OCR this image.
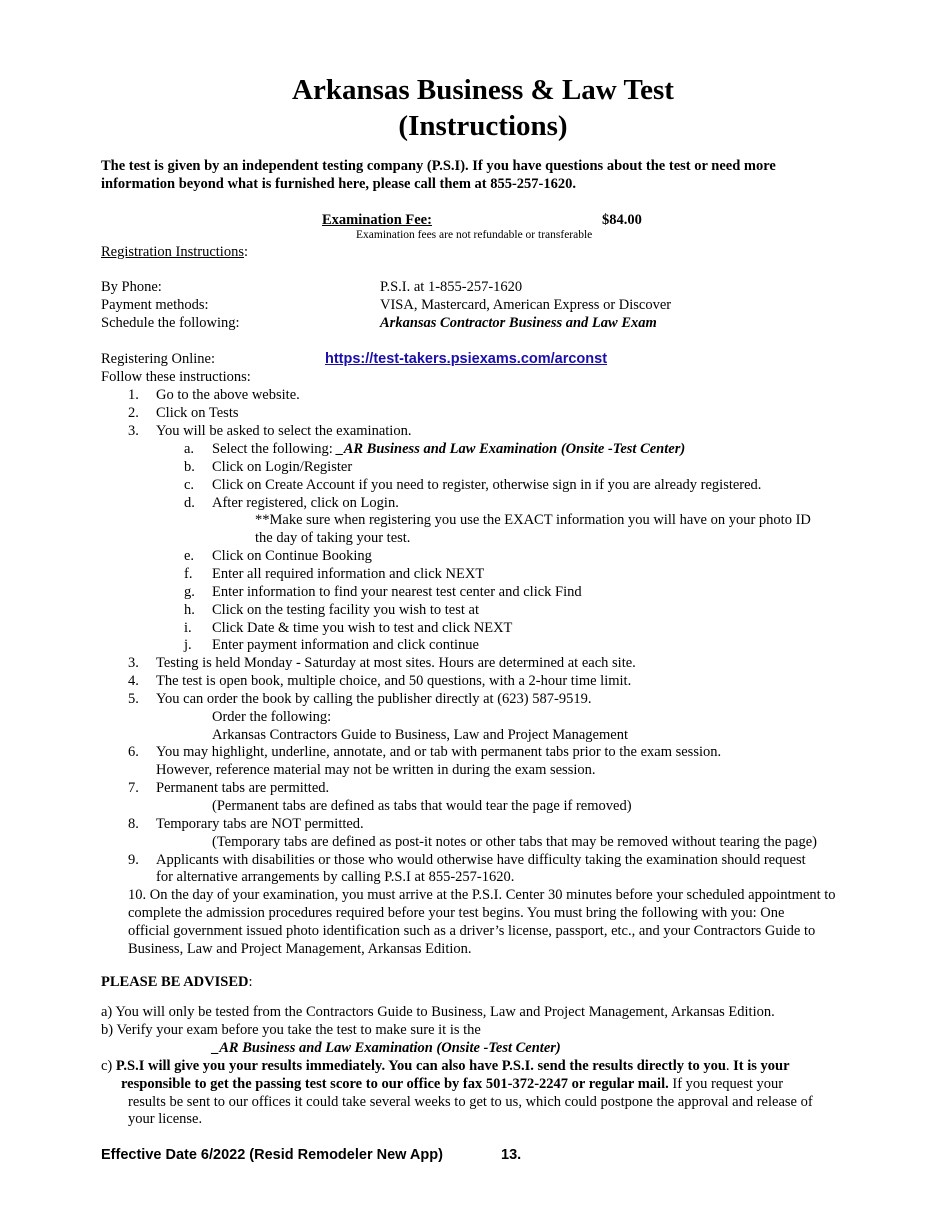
Arkansas Business & Law Test
(Instructions)
The test is given by an independent testing company (P.S.I). If you have questions about the test or need more
information beyond what is furnished here, please call them at 855-257-1620.
Examination Fee:	$84.00
Examination fees are not refundable or transferable
Registration Instructions:
By Phone:	P.S.I. at 1-855-257-1620
Payment methods:	VISA, Mastercard, American Express or Discover
Schedule the following:	Arkansas Contractor Business and Law Exam
Registering Online:	https://test-takers.psiexams.com/arconst
Follow these instructions:
1. Go to the above website.
2. Click on Tests
3. You will be asked to select the examination.
a. Select the following: _AR Business and Law Examination (Onsite -Test Center)
b. Click on Login/Register
c. Click on Create Account if you need to register, otherwise sign in if you are already registered.
d. After registered, click on Login.
**Make sure when registering you use the EXACT information you will have on your photo ID
the day of taking your test.
e. Click on Continue Booking
f. Enter all required information and click NEXT
g. Enter information to find your nearest test center and click Find
h. Click on the testing facility you wish to test at
i. Click Date & time you wish to test and click NEXT
j. Enter payment information and click continue
3. Testing is held Monday - Saturday at most sites. Hours are determined at each site.
4. The test is open book, multiple choice, and 50 questions, with a 2-hour time limit.
5. You can order the book by calling the publisher directly at (623) 587-9519.
Order the following:
Arkansas Contractors Guide to Business, Law and Project Management
6. You may highlight, underline, annotate, and or tab with permanent tabs prior to the exam session.
However, reference material may not be written in during the exam session.
7. Permanent tabs are permitted.
(Permanent tabs are defined as tabs that would tear the page if removed)
8. Temporary tabs are NOT permitted.
(Temporary tabs are defined as post-it notes or other tabs that may be removed without tearing the page)
9. Applicants with disabilities or those who would otherwise have difficulty taking the examination should request
for alternative arrangements by calling P.S.I at 855-257-1620.
10. On the day of your examination, you must arrive at the P.S.I. Center 30 minutes before your scheduled appointment to
complete the admission procedures required before your test begins. You must bring the following with you: One
official government issued photo identification such as a driver’s license, passport, etc., and your Contractors Guide to
Business, Law and Project Management, Arkansas Edition.
PLEASE BE ADVISED:
a) You will only be tested from the Contractors Guide to Business, Law and Project Management, Arkansas Edition.
b) Verify your exam before you take the test to make sure it is the
_AR Business and Law Examination (Onsite -Test Center)
c) P.S.I will give you your results immediately. You can also have P.S.I. send the results directly to you. It is your
responsible to get the passing test score to our office by fax 501-372-2247 or regular mail. If you request your
results be sent to our offices it could take several weeks to get to us, which could postpone the approval and release of
your license.
Effective Date 6/2022 (Resid Remodeler New App)	13.
